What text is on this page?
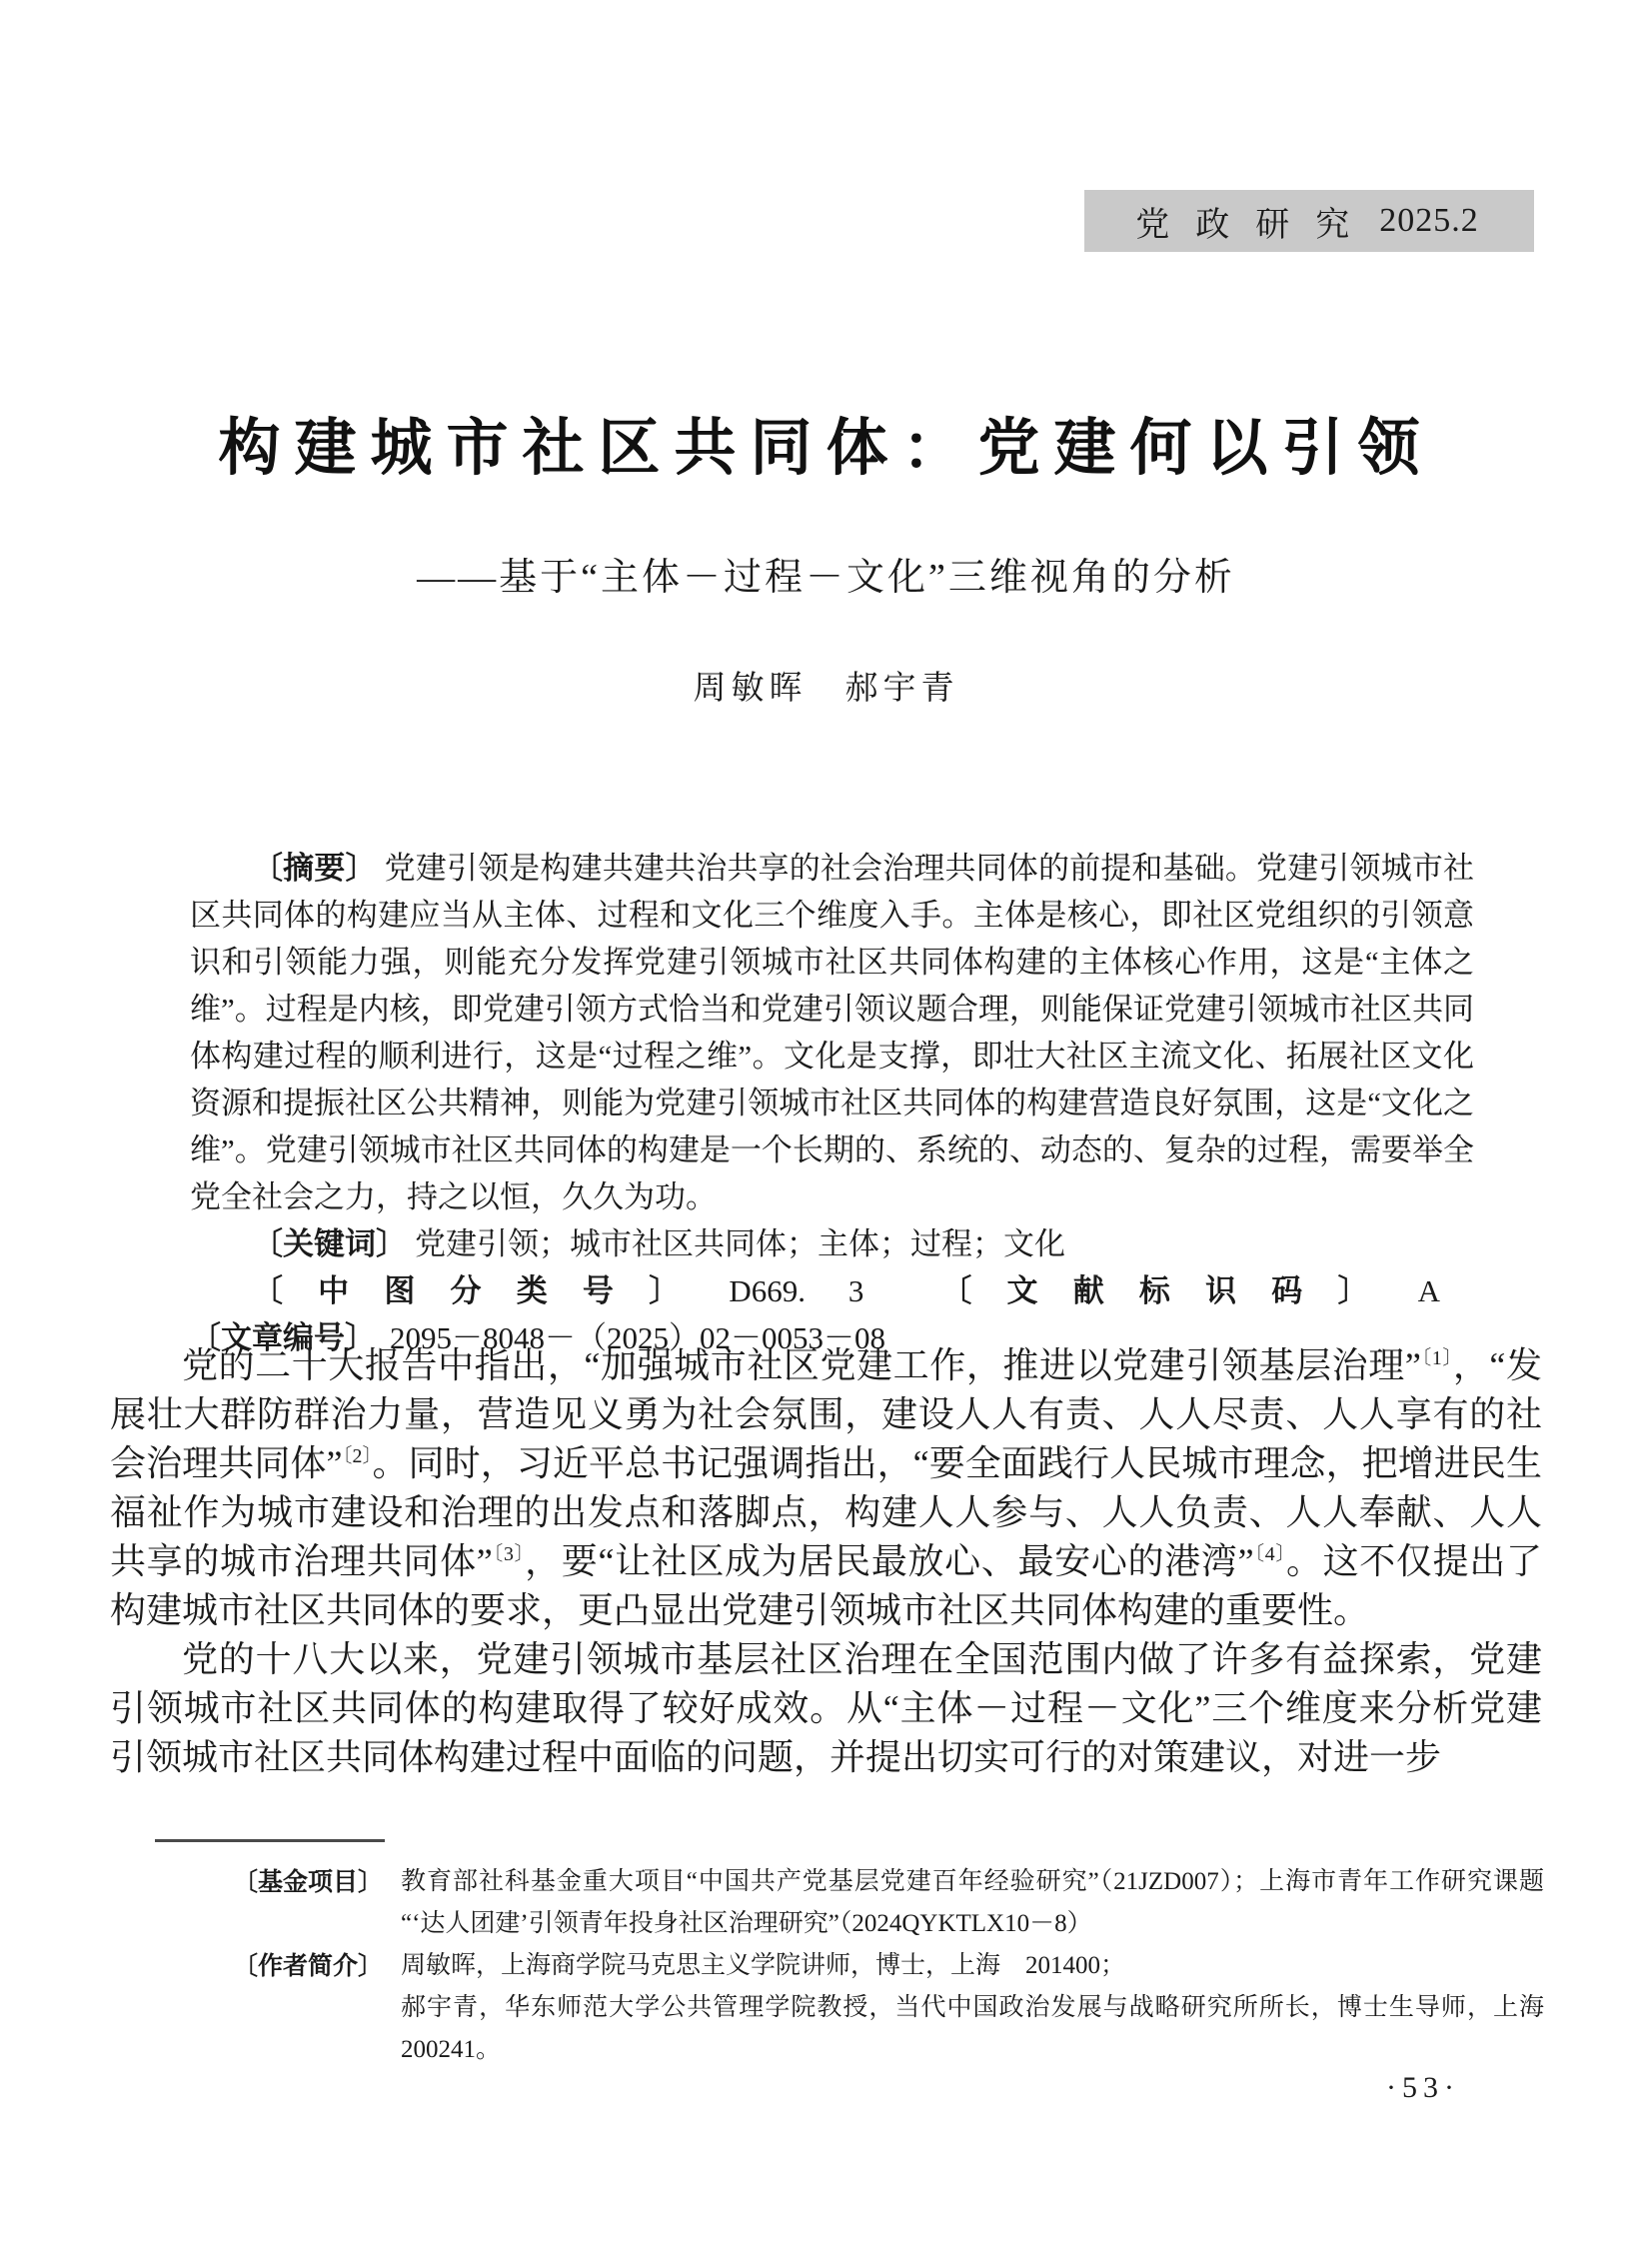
党政研究 2025.2
构建城市社区共同体：党建何以引领
——基于“主体－过程－文化”三维视角的分析
周敏晖　郝宇青

〔摘要〕 党建引领是构建共建共治共享的社会治理共同体的前提和基础。党建引领城市社区共同体的构建应当从主体、过程和文化三个维度入手。主体是核心，即社区党组织的引领意识和引领能力强，则能充分发挥党建引领城市社区共同体构建的主体核心作用，这是“主体之维”。过程是内核，即党建引领方式恰当和党建引领议题合理，则能保证党建引领城市社区共同体构建过程的顺利进行，这是“过程之维”。文化是支撑，即壮大社区主流文化、拓展社区文化资源和提振社区公共精神，则能为党建引领城市社区共同体的构建营造良好氛围，这是“文化之维”。党建引领城市社区共同体的构建是一个长期的、系统的、动态的、复杂的过程，需要举全党全社会之力，持之以恒，久久为功。

〔关键词〕 党建引领；城市社区共同体；主体；过程；文化

〔中图分类号〕 D669. 3 〔文献标识码〕 A 〔文章编号〕 2095－8048－（2025）02－0053－08

党的二十大报告中指出，“加强城市社区党建工作，推进以党建引领基层治理”$^{〔1〕}$，“发展壮大群防群治力量，营造见义勇为社会氛围，建设人人有责、人人尽责、人人享有的社会治理共同体”$^{〔2〕}$。同时，习近平总书记强调指出，“要全面践行人民城市理念，把增进民生福祉作为城市建设和治理的出发点和落脚点，构建人人参与、人人负责、人人奉献、人人共享的城市治理共同体”$^{〔3〕}$，要“让社区成为居民最放心、最安心的港湾”$^{〔4〕}$。这不仅提出了构建城市社区共同体的要求，更凸显出党建引领城市社区共同体构建的重要性。

党的十八大以来，党建引领城市基层社区治理在全国范围内做了许多有益探索，党建引领城市社区共同体的构建取得了较好成效。从“主体－过程－文化”三个维度来分析党建引领城市社区共同体构建过程中面临的问题，并提出切实可行的对策建议，对进一步

〔基金项目〕 教育部社科基金重大项目“中国共产党基层党建百年经验研究”（21JZD007）；上海市青年工作研究课题“‘达人团建’引领青年投身社区治理研究”（2024QYKTLX10－8）
〔作者简介〕 周敏晖，上海商学院马克思主义学院讲师，博士，上海　201400；
郝宇青，华东师范大学公共管理学院教授，当代中国政治发展与战略研究所所长，博士生导师，上海　200241。
·53·
